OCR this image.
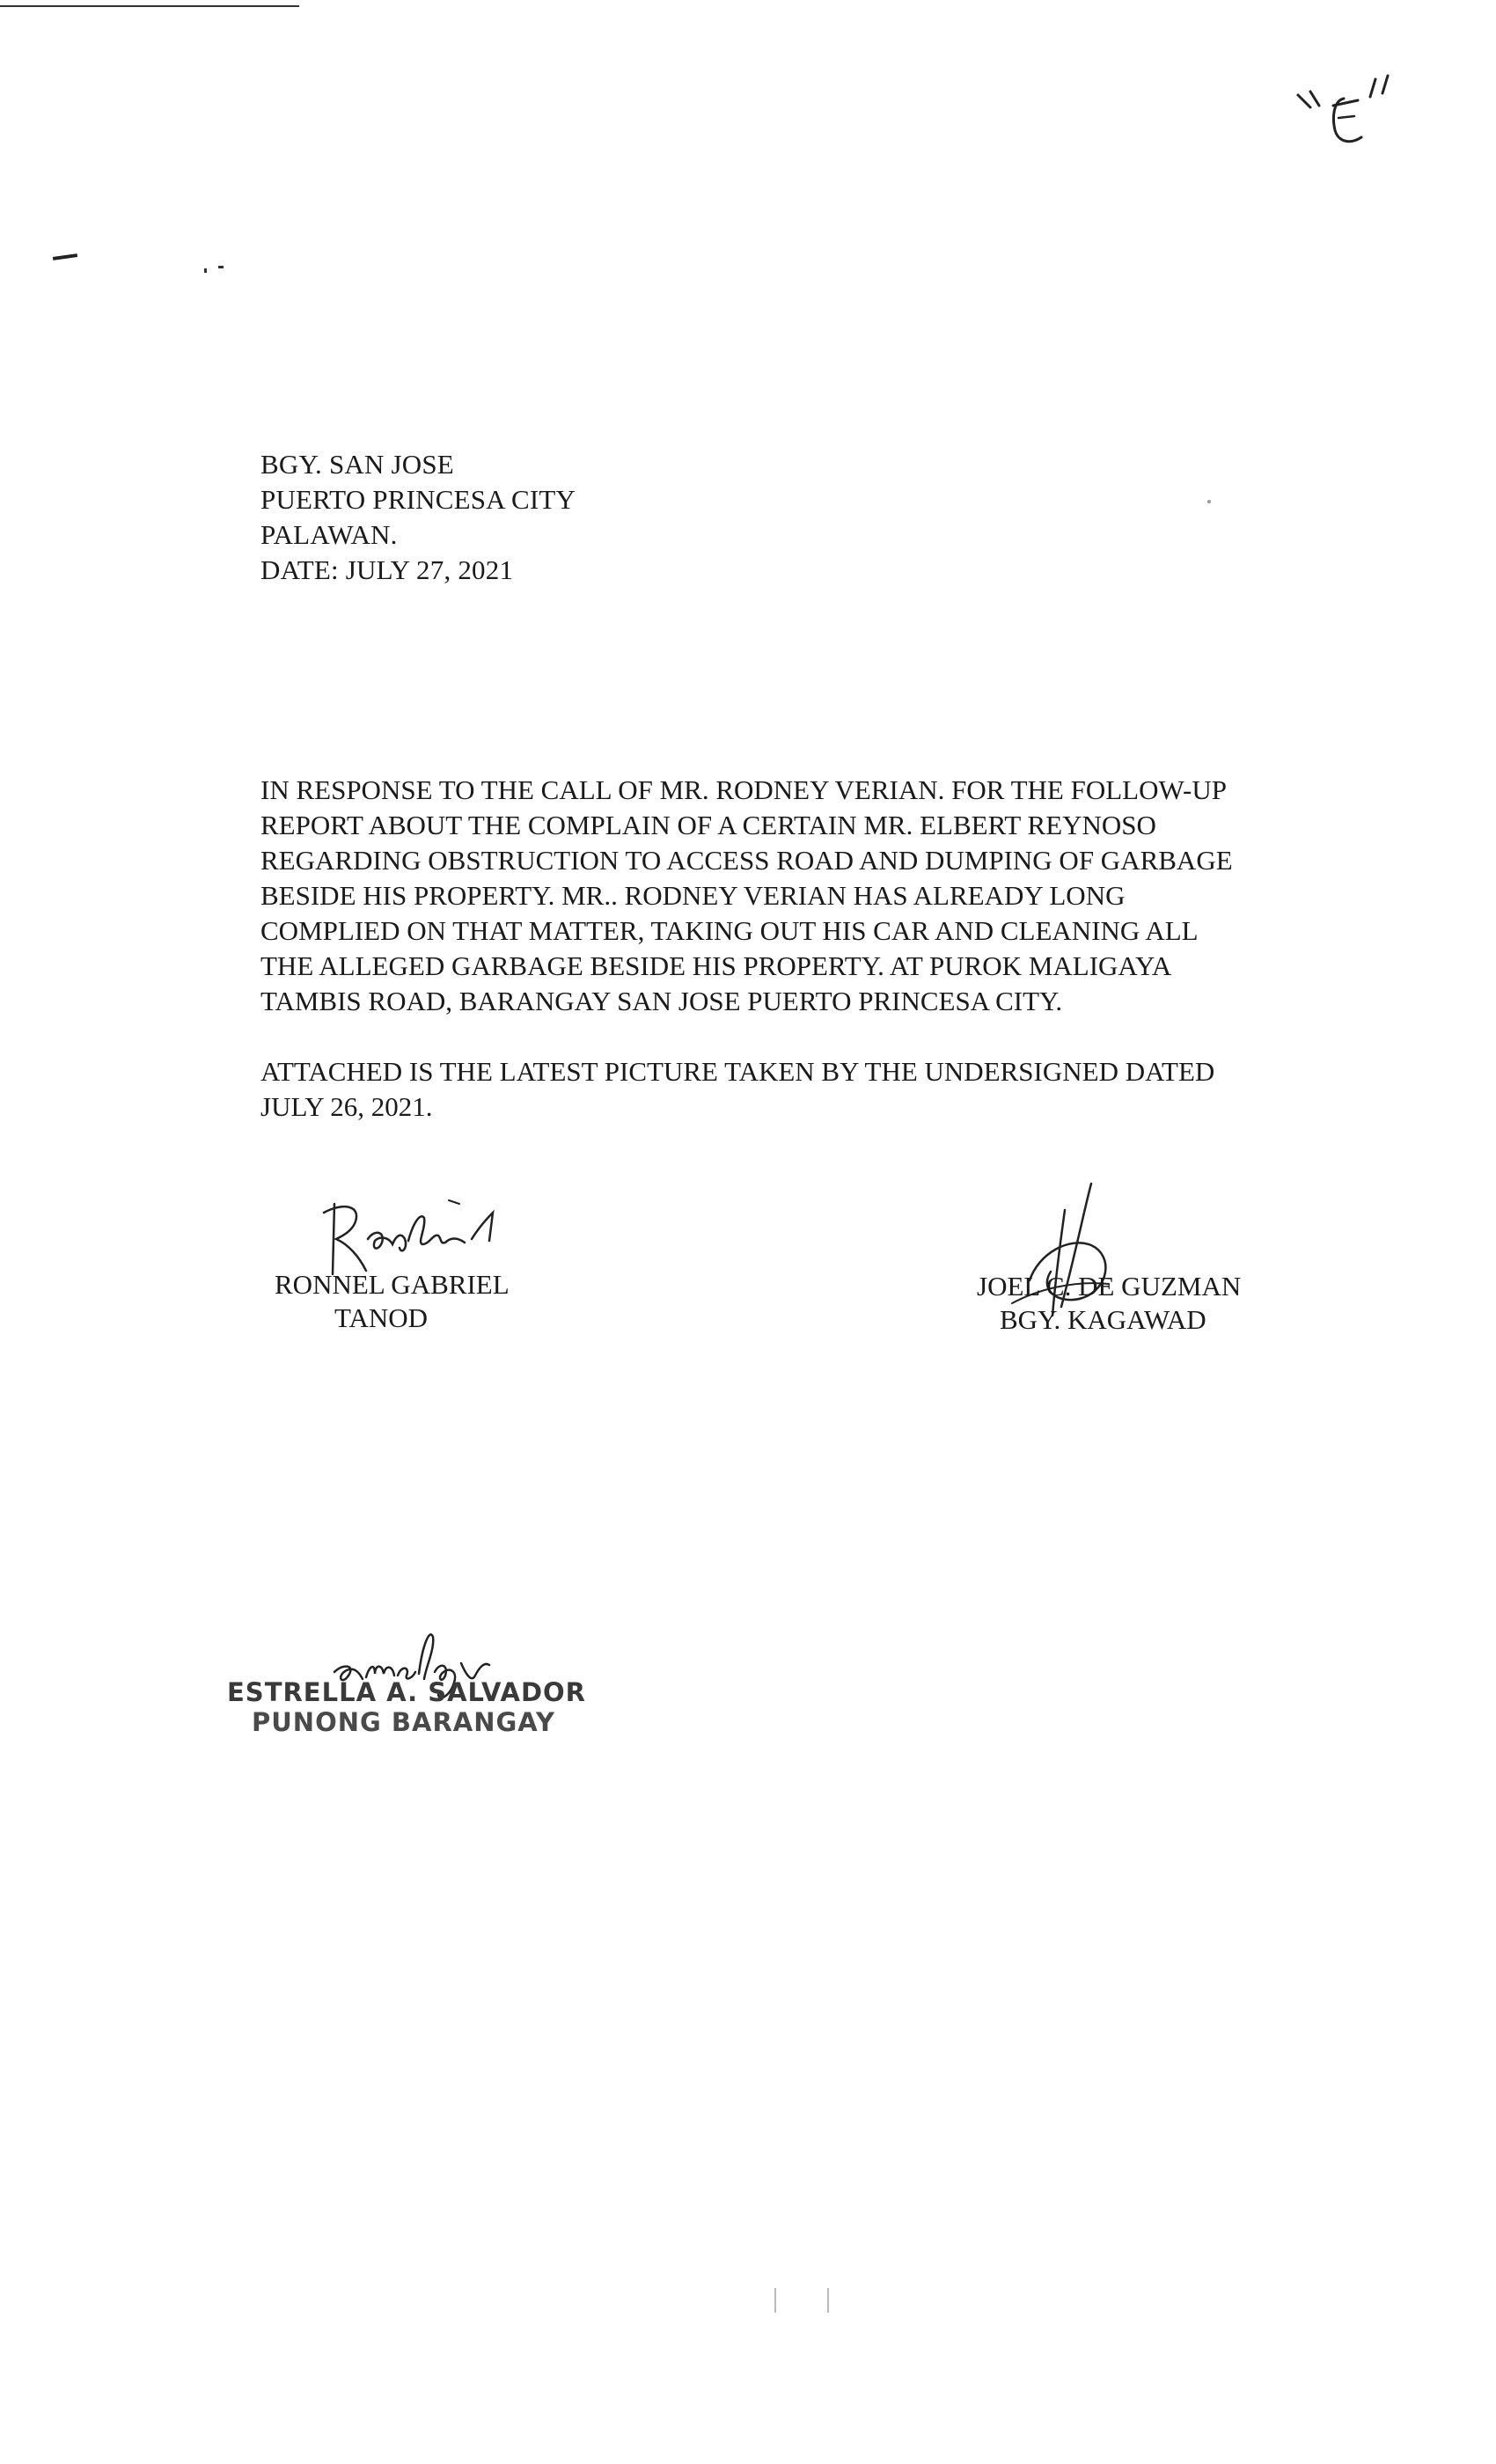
BGY. SAN JOSE
PUERTO PRINCESA CITY
PALAWAN.
DATE: JULY 27, 2021
IN RESPONSE TO THE CALL OF MR. RODNEY VERIAN. FOR THE FOLLOW-UP
REPORT ABOUT THE COMPLAIN OF A CERTAIN MR. ELBERT REYNOSO
REGARDING OBSTRUCTION TO ACCESS ROAD AND DUMPING OF GARBAGE
BESIDE HIS PROPERTY. MR.. RODNEY VERIAN HAS ALREADY LONG
COMPLIED ON THAT MATTER, TAKING OUT HIS CAR AND CLEANING ALL
THE ALLEGED GARBAGE BESIDE HIS PROPERTY. AT PUROK MALIGAYA
TAMBIS ROAD, BARANGAY SAN JOSE PUERTO PRINCESA CITY.
ATTACHED IS THE LATEST PICTURE TAKEN BY THE UNDERSIGNED DATED
JULY 26, 2021.
RONNEL GABRIEL
TANOD
JOEL C. DE GUZMAN
BGY. KAGAWAD
ESTRELLA A. SALVADOR
PUNONG BARANGAY
